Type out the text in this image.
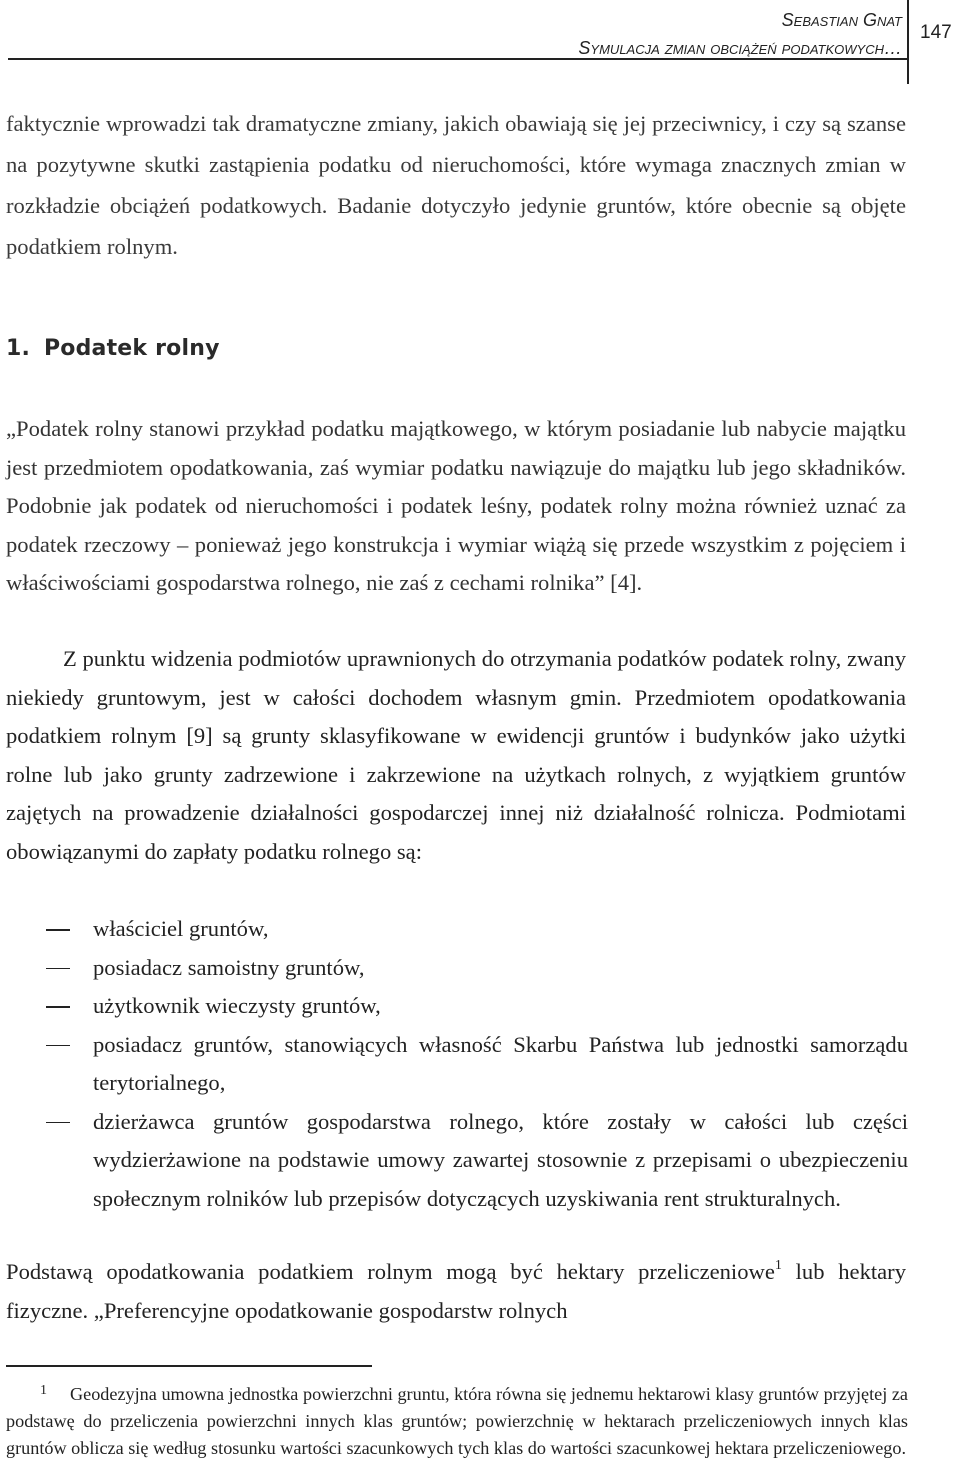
Sebastian Gnat
Symulacja zmian obciążeń podatkowych…
147

faktycznie wprowadzi tak dramatyczne zmiany, jakich obawiają się jej przeciwnicy, i czy są szanse na pozytywne skutki zastąpienia podatku od nieruchomości, które wymaga znacznych zmian w rozkładzie obciążeń podatkowych. Badanie dotyczyło jedynie gruntów, które obecnie są objęte podatkiem rolnym.

1. Podatek rolny

„Podatek rolny stanowi przykład podatku majątkowego, w którym posiadanie lub nabycie majątku jest przedmiotem opodatkowania, zaś wymiar podatku nawiązuje do majątku lub jego składników. Podobnie jak podatek od nieruchomości i podatek leśny, podatek rolny można również uznać za podatek rzeczowy – ponieważ jego konstrukcja i wymiar wiążą się przede wszystkim z pojęciem i właściwościami gospodarstwa rolnego, nie zaś z cechami rolnika” [4].

Z punktu widzenia podmiotów uprawnionych do otrzymania podatków podatek rolny, zwany niekiedy gruntowym, jest w całości dochodem własnym gmin. Przedmiotem opodatkowania podatkiem rolnym [9] są grunty sklasyfikowane w ewidencji gruntów i budynków jako użytki rolne lub jako grunty zadrzewione i zakrzewione na użytkach rolnych, z wyjątkiem gruntów zajętych na prowadzenie działalności gospodarczej innej niż działalność rolnicza. Podmiotami obowiązanymi do zapłaty podatku rolnego są:

właściciel gruntów,
posiadacz samoistny gruntów,
użytkownik wieczysty gruntów,
posiadacz gruntów, stanowiących własność Skarbu Państwa lub jednostki samorządu terytorialnego,
dzierżawca gruntów gospodarstwa rolnego, które zostały w całości lub części wydzierżawione na podstawie umowy zawartej stosownie z przepisami o ubezpieczeniu społecznym rolników lub przepisów dotyczących uzyskiwania rent strukturalnych.

Podstawą opodatkowania podatkiem rolnym mogą być hektary przeliczeniowe$^1$ lub hektary fizyczne. „Preferencyjne opodatkowanie gospodarstw rolnych

1 Geodezyjna umowna jednostka powierzchni gruntu, która równa się jednemu hektarowi klasy gruntów przyjętej za podstawę do przeliczenia powierzchni innych klas gruntów; powierzchnię w hektarach przeliczeniowych innych klas gruntów oblicza się według stosunku wartości szacunkowych tych klas do wartości szacunkowej hektara przeliczeniowego.
